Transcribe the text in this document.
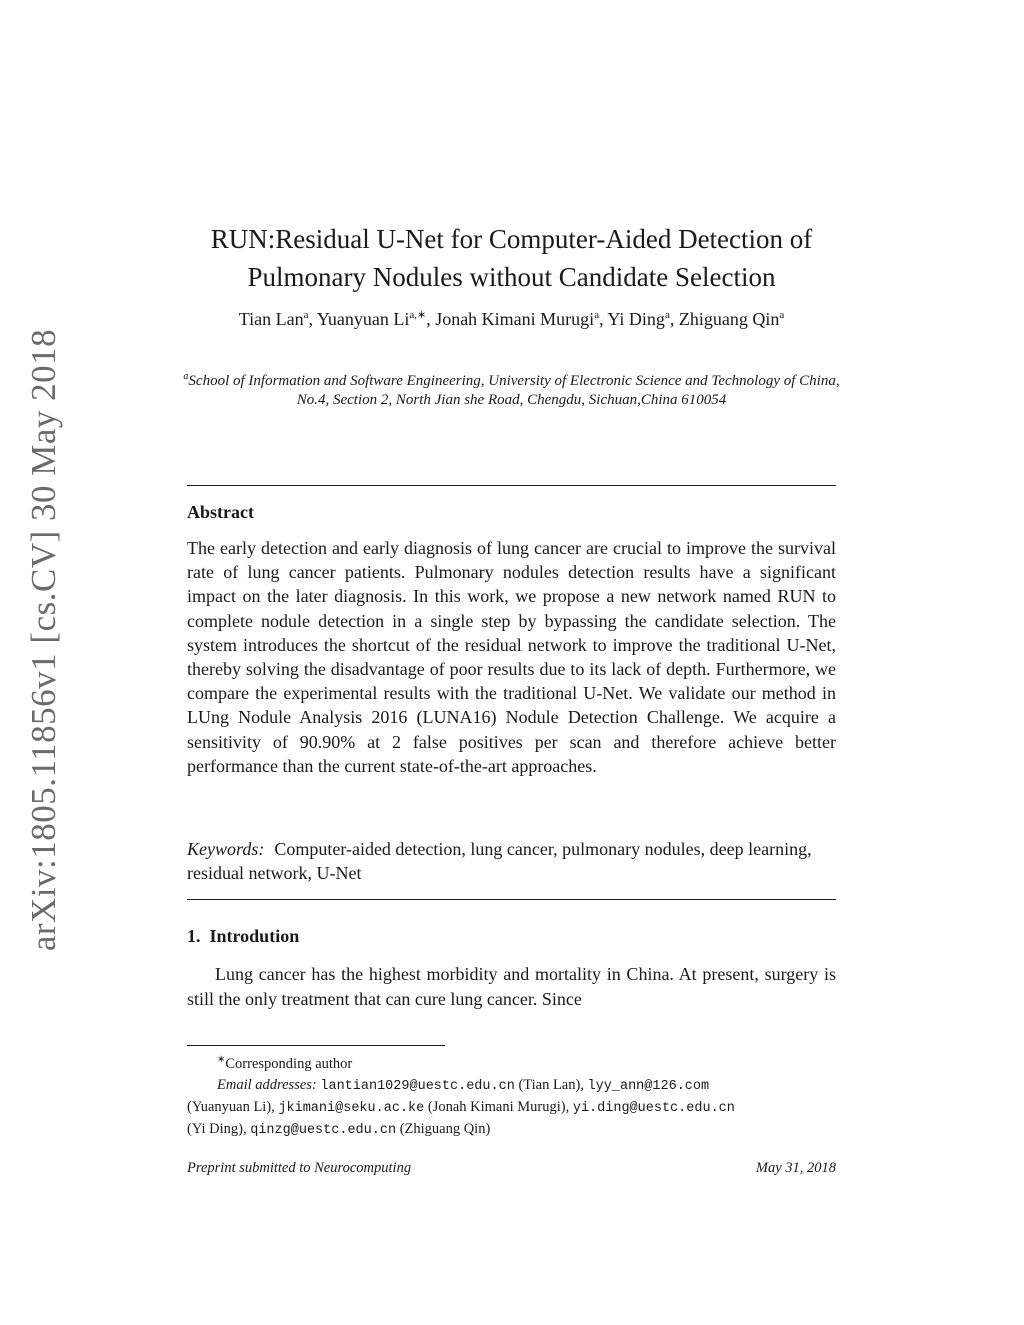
arXiv:1805.11856v1 [cs.CV] 30 May 2018
RUN:Residual U-Net for Computer-Aided Detection of Pulmonary Nodules without Candidate Selection
Tian Lan$^a$, Yuanyuan $Li^{a,∗}$, Jonah Kimani Murugi$^a$, Yi Ding$^a$, Zhiguang Qin$^a$
$^a$School of Information and Software Engineering, University of Electronic Science and Technology of China,
No.4, Section 2, North Jian she Road, Chengdu, Sichuan,China 610054
Abstract

The early detection and early diagnosis of lung cancer are crucial to improve the survival rate of lung cancer patients. Pulmonary nodules detection results have a significant impact on the later diagnosis. In this work, we propose a new network named RUN to complete nodule detection in a single step by bypassing the candidate selection. The system introduces the shortcut of the residual network to improve the traditional U-Net, thereby solving the disadvantage of poor results due to its lack of depth. Furthermore, we compare the experimental results with the traditional U-Net. We validate our method in LUng Nodule Analysis 2016 (LUNA16) Nodule Detection Challenge. We acquire a sensitivity of 90.90% at 2 false positives per scan and therefore achieve better performance than the current state-of-the-art approaches.

Keywords: Computer-aided detection, lung cancer, pulmonary nodules, deep learning, residual network, U-Net
1. Introdution

Lung cancer has the highest morbidity and mortality in China. At present, surgery is still the only treatment that can cure lung cancer. Since

∗Corresponding author
Email addresses: lantian1029@uestc.edu.cn (Tian Lan), lyy_ann@126.com
(Yuanyuan Li), jkimani@seku.ac.ke (Jonah Kimani Murugi), yi.ding@uestc.edu.cn
(Yi Ding), qinzg@uestc.edu.cn (Zhiguang Qin)
Preprint submitted to Neurocomputing	May 31, 2018
